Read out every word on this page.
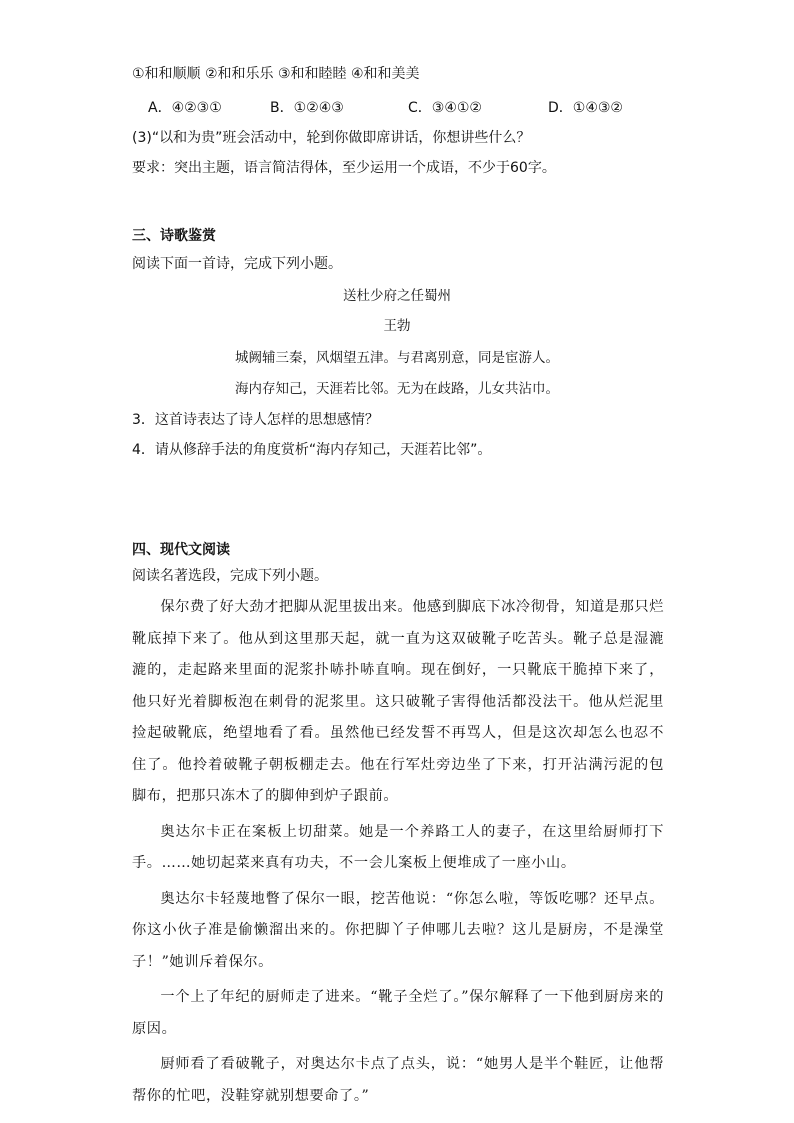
①和和顺顺 ②和和乐乐 ③和和睦睦 ④和和美美
A．④②③①	B．①②④③	C．③④①②	D．①④③②
(3)“以和为贵”班会活动中，轮到你做即席讲话，你想讲些什么？
要求：突出主题，语言简洁得体，至少运用一个成语，不少于60字。
三、诗歌鉴赏
阅读下面一首诗，完成下列小题。
送杜少府之任蜀州
王勃
城阙辅三秦，风烟望五津。与君离别意，同是宦游人。
海内存知己，天涯若比邻。无为在歧路，儿女共沾巾。
3．这首诗表达了诗人怎样的思想感情？
4．请从修辞手法的角度赏析“海内存知己，天涯若比邻”。
四、现代文阅读
阅读名著选段，完成下列小题。

保尔费了好大劲才把脚从泥里拔出来。他感到脚底下冰冷彻骨，知道是那只烂靴底掉下来了。他从到这里那天起，就一直为这双破靴子吃苦头。靴子总是湿漉漉的，走起路来里面的泥浆扑哧扑哧直响。现在倒好，一只靴底干脆掉下来了，他只好光着脚板泡在刺骨的泥浆里。这只破靴子害得他活都没法干。他从烂泥里捡起破靴底，绝望地看了看。虽然他已经发誓不再骂人，但是这次却怎么也忍不住了。他拎着破靴子朝板棚走去。他在行军灶旁边坐了下来，打开沾满污泥的包脚布，把那只冻木了的脚伸到炉子跟前。

奥达尔卡正在案板上切甜菜。她是一个养路工人的妻子，在这里给厨师打下手。……她切起菜来真有功夫，不一会儿案板上便堆成了一座小山。

奥达尔卡轻蔑地瞥了保尔一眼，挖苦他说：“你怎么啦，等饭吃哪？还早点。你这小伙子准是偷懒溜出来的。你把脚丫子伸哪儿去啦？这儿是厨房，不是澡堂子！”她训斥着保尔。

一个上了年纪的厨师走了进来。“靴子全烂了。”保尔解释了一下他到厨房来的原因。

厨师看了看破靴子，对奥达尔卡点了点头，说：“她男人是半个鞋匠，让他帮帮你的忙吧，没鞋穿就别想要命了。”
